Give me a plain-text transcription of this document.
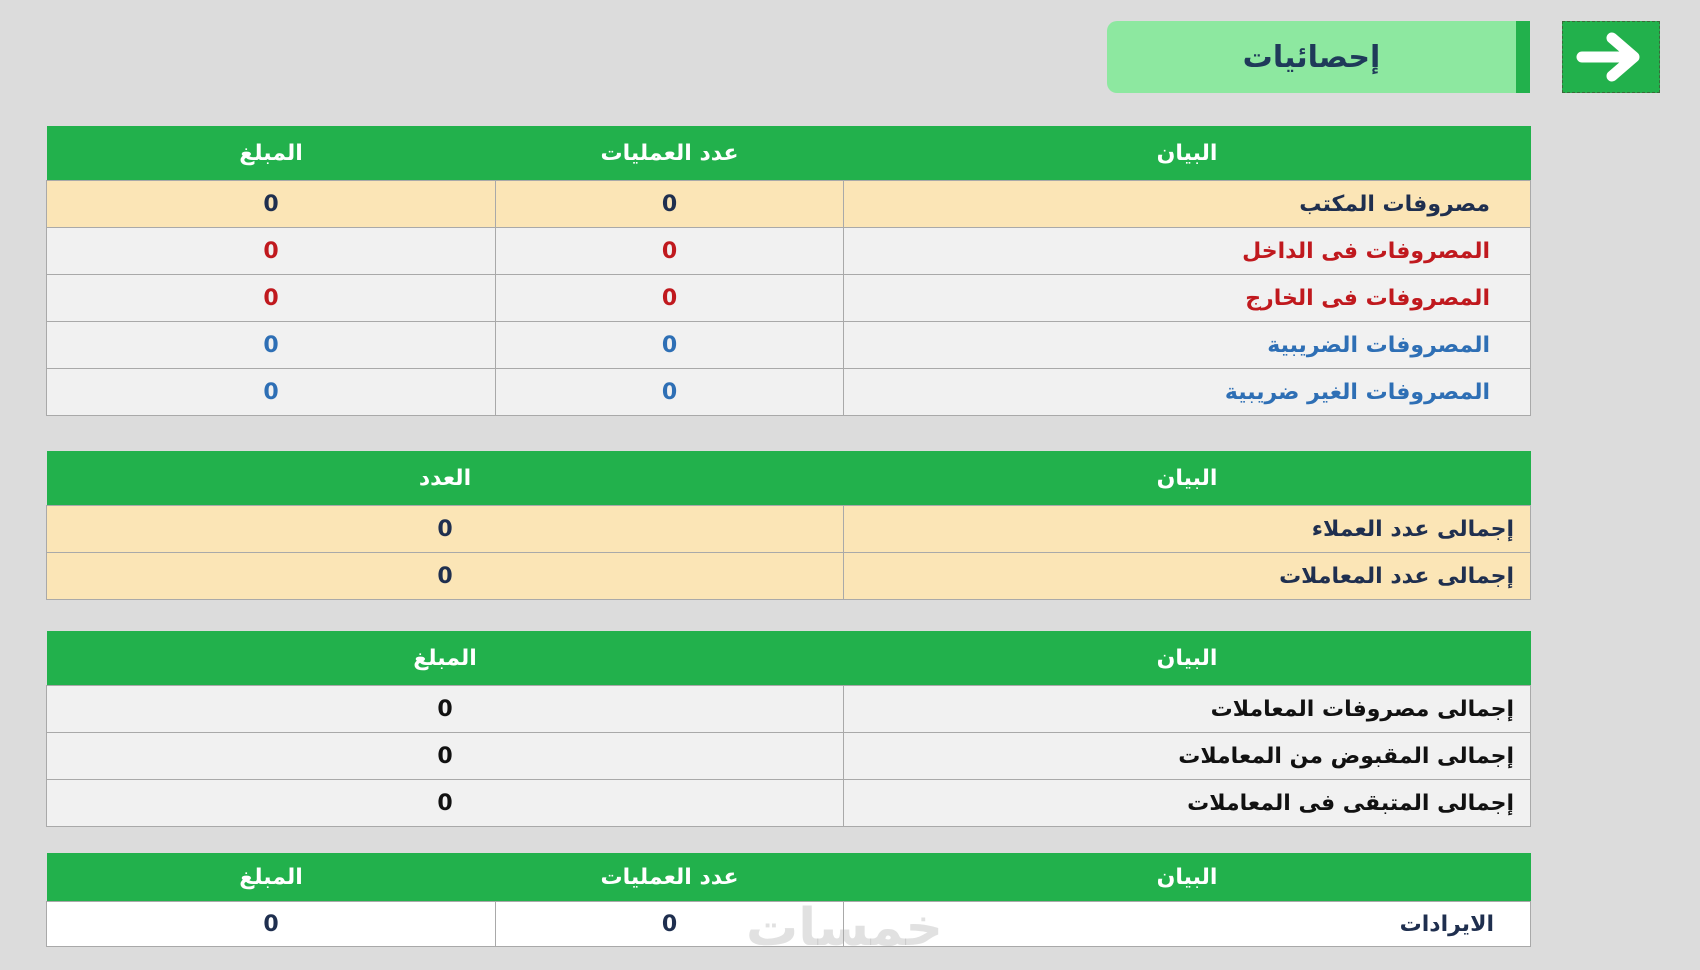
إحصائيات
البيان	عدد العمليات	المبلغ
مصروفات المكتب	0	0
المصروفات فى الداخل	0	0
المصروفات فى الخارج	0	0
المصروفات الضريبية	0	0
المصروفات الغير ضريبية	0	0
البيان	العدد
إجمالى عدد العملاء	0
إجمالى عدد المعاملات	0
البيان	المبلغ
إجمالى مصروفات المعاملات	0
إجمالى المقبوض من المعاملات	0
إجمالى المتبقى فى المعاملات	0
البيان	عدد العمليات	المبلغ
الايرادات	0	0	خمسات
